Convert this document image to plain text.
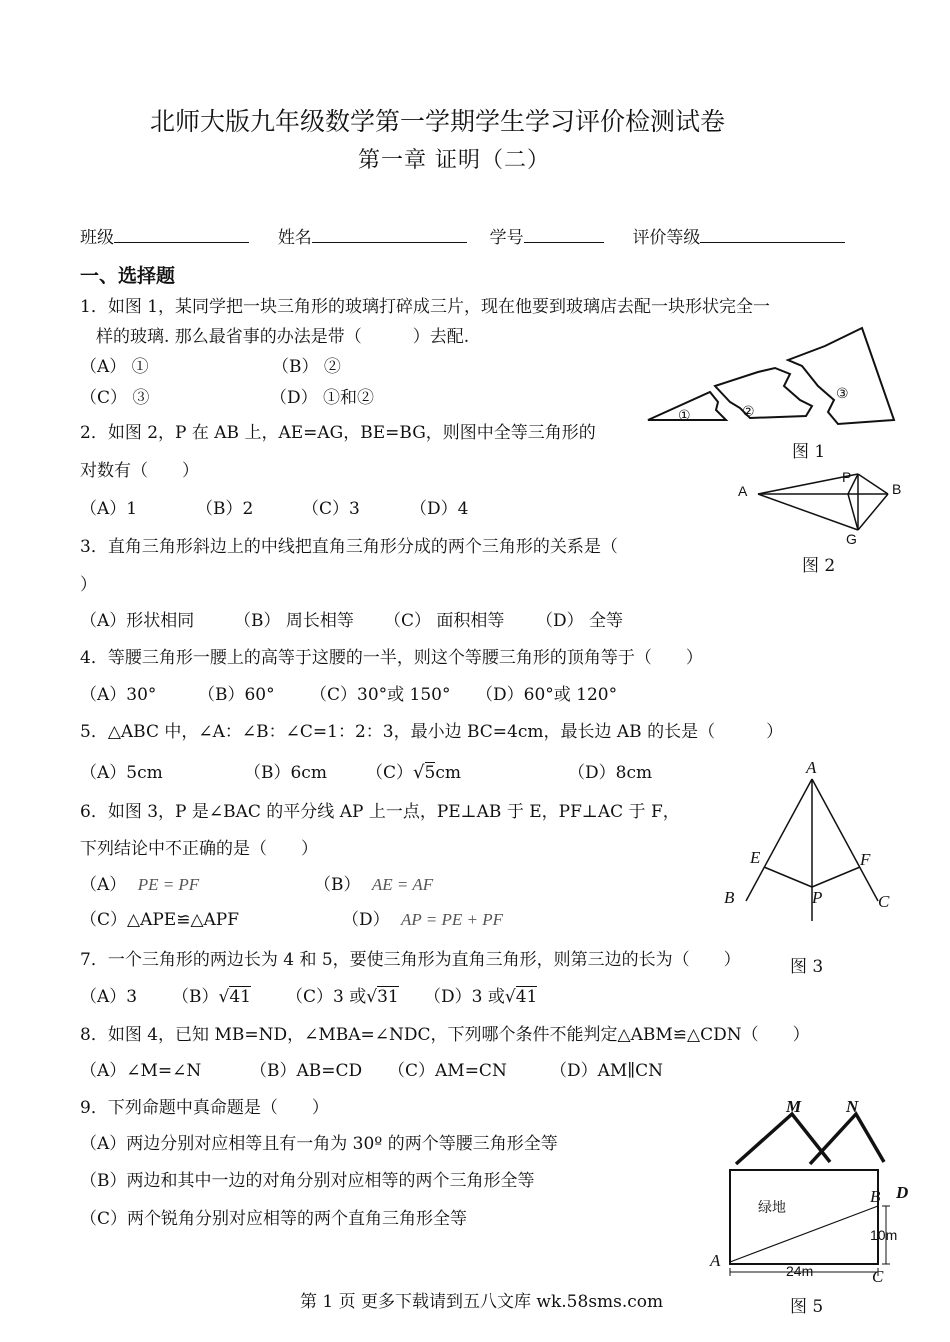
北师大版九年级数学第一学期学生学习评价检测试卷
第一章 证明（二）
班级	姓名	学号	评价等级
一、选择题
1．如图 1，某同学把一块三角形的玻璃打碎成三片，现在他要到玻璃店去配一块形状完全一
样的玻璃. 那么最省事的办法是带（　　　）去配.
（A） ①	（B） ②
（C） ③	（D） ①和②
2．如图 2，P 在 AB 上，AE=AG，BE=BG，则图中全等三角形的
对数有（　　）
（A）1	（B）2	（C）3	（D）4
3．直角三角形斜边上的中线把直角三角形分成的两个三角形的关系是（
）
（A）形状相同 （B） 周长相等 （C） 面积相等 （D） 全等
4．等腰三角形一腰上的高等于这腰的一半，则这个等腰三角形的顶角等于（　　）
（A）30° （B）60° （C）30°或 150° （D）60°或 120°
5．△ABC 中，∠A：∠B：∠C=1：2：3，最小边 BC=4cm，最长边 AB 的长是（　　　）
（A）5cm	（B）6cm （C）√5cm	（D）8cm
6．如图 3，P 是∠BAC 的平分线 AP 上一点，PE⊥AB 于 E，PF⊥AC 于 F，
下列结论中不正确的是（　　）
（A） PE = PF	（B） AE = AF
（C）△APE≌△APF	（D） AP = PE + PF
7．一个三角形的两边长为 4 和 5，要使三角形为直角三角形，则第三边的长为（　　）
（A）3 （B）√41 （C）3 或√31 （D）3 或√41
8．如图 4，已知 MB=ND，∠MBA=∠NDC，下列哪个条件不能判定△ABM≌△CDN（　　）
（A）∠M=∠N	（B）AB=CD （C）AM=CN	（D）AM∥CN
9．下列命题中真命题是（　　）
（A）两边分别对应相等且有一角为 30º 的两个等腰三角形全等
（B）两边和其中一边的对角分别对应相等的两个三角形全等
（C）两个锐角分别对应相等的两个直角三角形全等
①	②
③
图 1
A
P
B
G
图 2
A
E	F
B	P	C
图 3
M	N
D
绿地
A
B
C
10m
24m
图 5
第 1 页 更多下载请到五八文库 wk.58sms.com
